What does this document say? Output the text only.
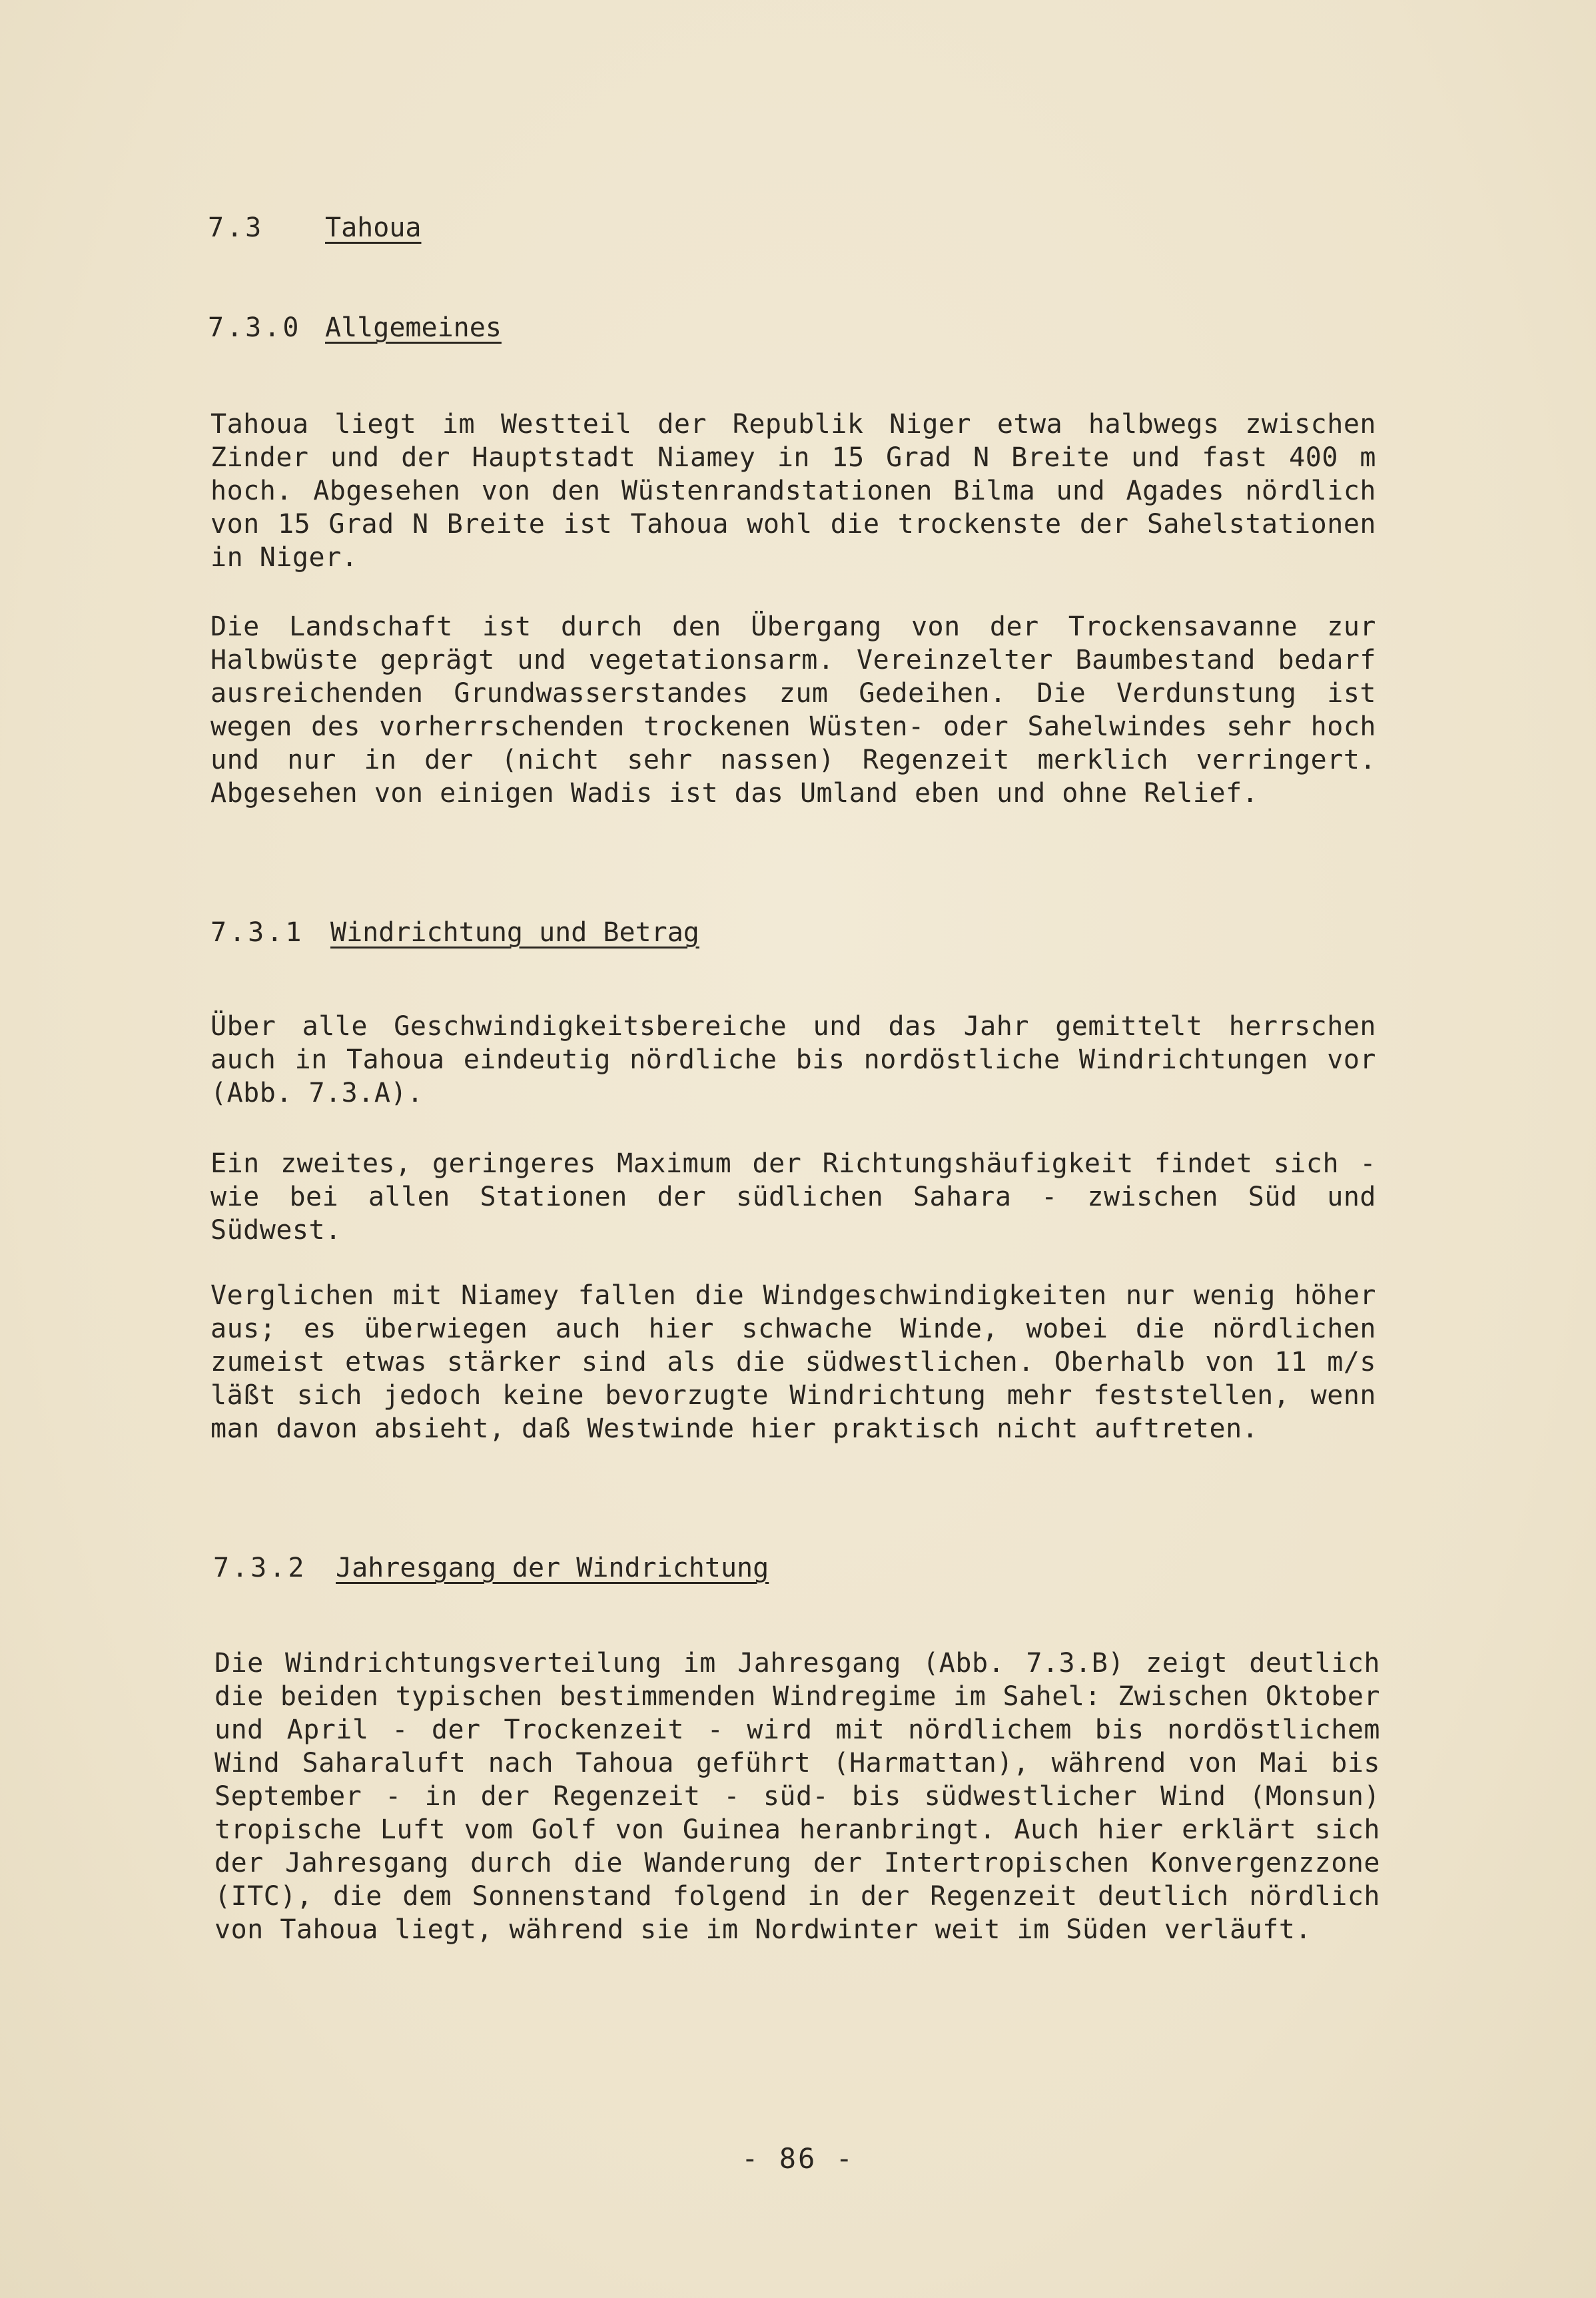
7.3 Tahoua
7.3.0 Allgemeines

Tahoua liegt im Westteil der Republik Niger etwa halbwegs zwischen Zinder und der Hauptstadt Niamey in 15 Grad N Breite und fast 400 m hoch. Abgesehen von den Wüstenrandstationen Bilma und Agades nördlich von 15 Grad N Breite ist Tahoua wohl die trockenste der Sahelstationen in Niger.

Die Landschaft ist durch den Übergang von der Trockensavanne zur Halbwüste geprägt und vegetationsarm. Vereinzelter Baumbestand bedarf ausreichenden Grundwasserstandes zum Gedeihen. Die Verdunstung ist wegen des vorherrschenden trockenen Wüsten- oder Sahelwindes sehr hoch und nur in der (nicht sehr nassen) Regenzeit merklich verringert. Abgesehen von einigen Wadis ist das Umland eben und ohne Relief.

7.3.1 Windrichtung und Betrag

Über alle Geschwindigkeitsbereiche und das Jahr gemittelt herrschen auch in Tahoua eindeutig nördliche bis nordöstliche Windrichtungen vor (Abb. 7.3.A).

Ein zweites, geringeres Maximum der Richtungshäufigkeit findet sich - wie bei allen Stationen der südlichen Sahara - zwischen Süd und Südwest.

Verglichen mit Niamey fallen die Windgeschwindigkeiten nur wenig höher aus; es überwiegen auch hier schwache Winde, wobei die nördlichen zumeist etwas stärker sind als die südwestlichen. Oberhalb von 11 m/s läßt sich jedoch keine bevorzugte Windrichtung mehr feststellen, wenn man davon absieht, daß Westwinde hier praktisch nicht auftreten.

7.3.2 Jahresgang der Windrichtung

Die Windrichtungsverteilung im Jahresgang (Abb. 7.3.B) zeigt deutlich die beiden typischen bestimmenden Windregime im Sahel: Zwischen Oktober und April - der Trockenzeit - wird mit nördlichem bis nordöstlichem Wind Saharaluft nach Tahoua geführt (Harmattan), während von Mai bis September - in der Regenzeit - süd- bis südwestlicher Wind (Monsun) tropische Luft vom Golf von Guinea heranbringt. Auch hier erklärt sich der Jahresgang durch die Wanderung der Intertropischen Konvergenzzone (ITC), die dem Sonnenstand folgend in der Regenzeit deutlich nördlich von Tahoua liegt, während sie im Nordwinter weit im Süden verläuft.

- 86 -
